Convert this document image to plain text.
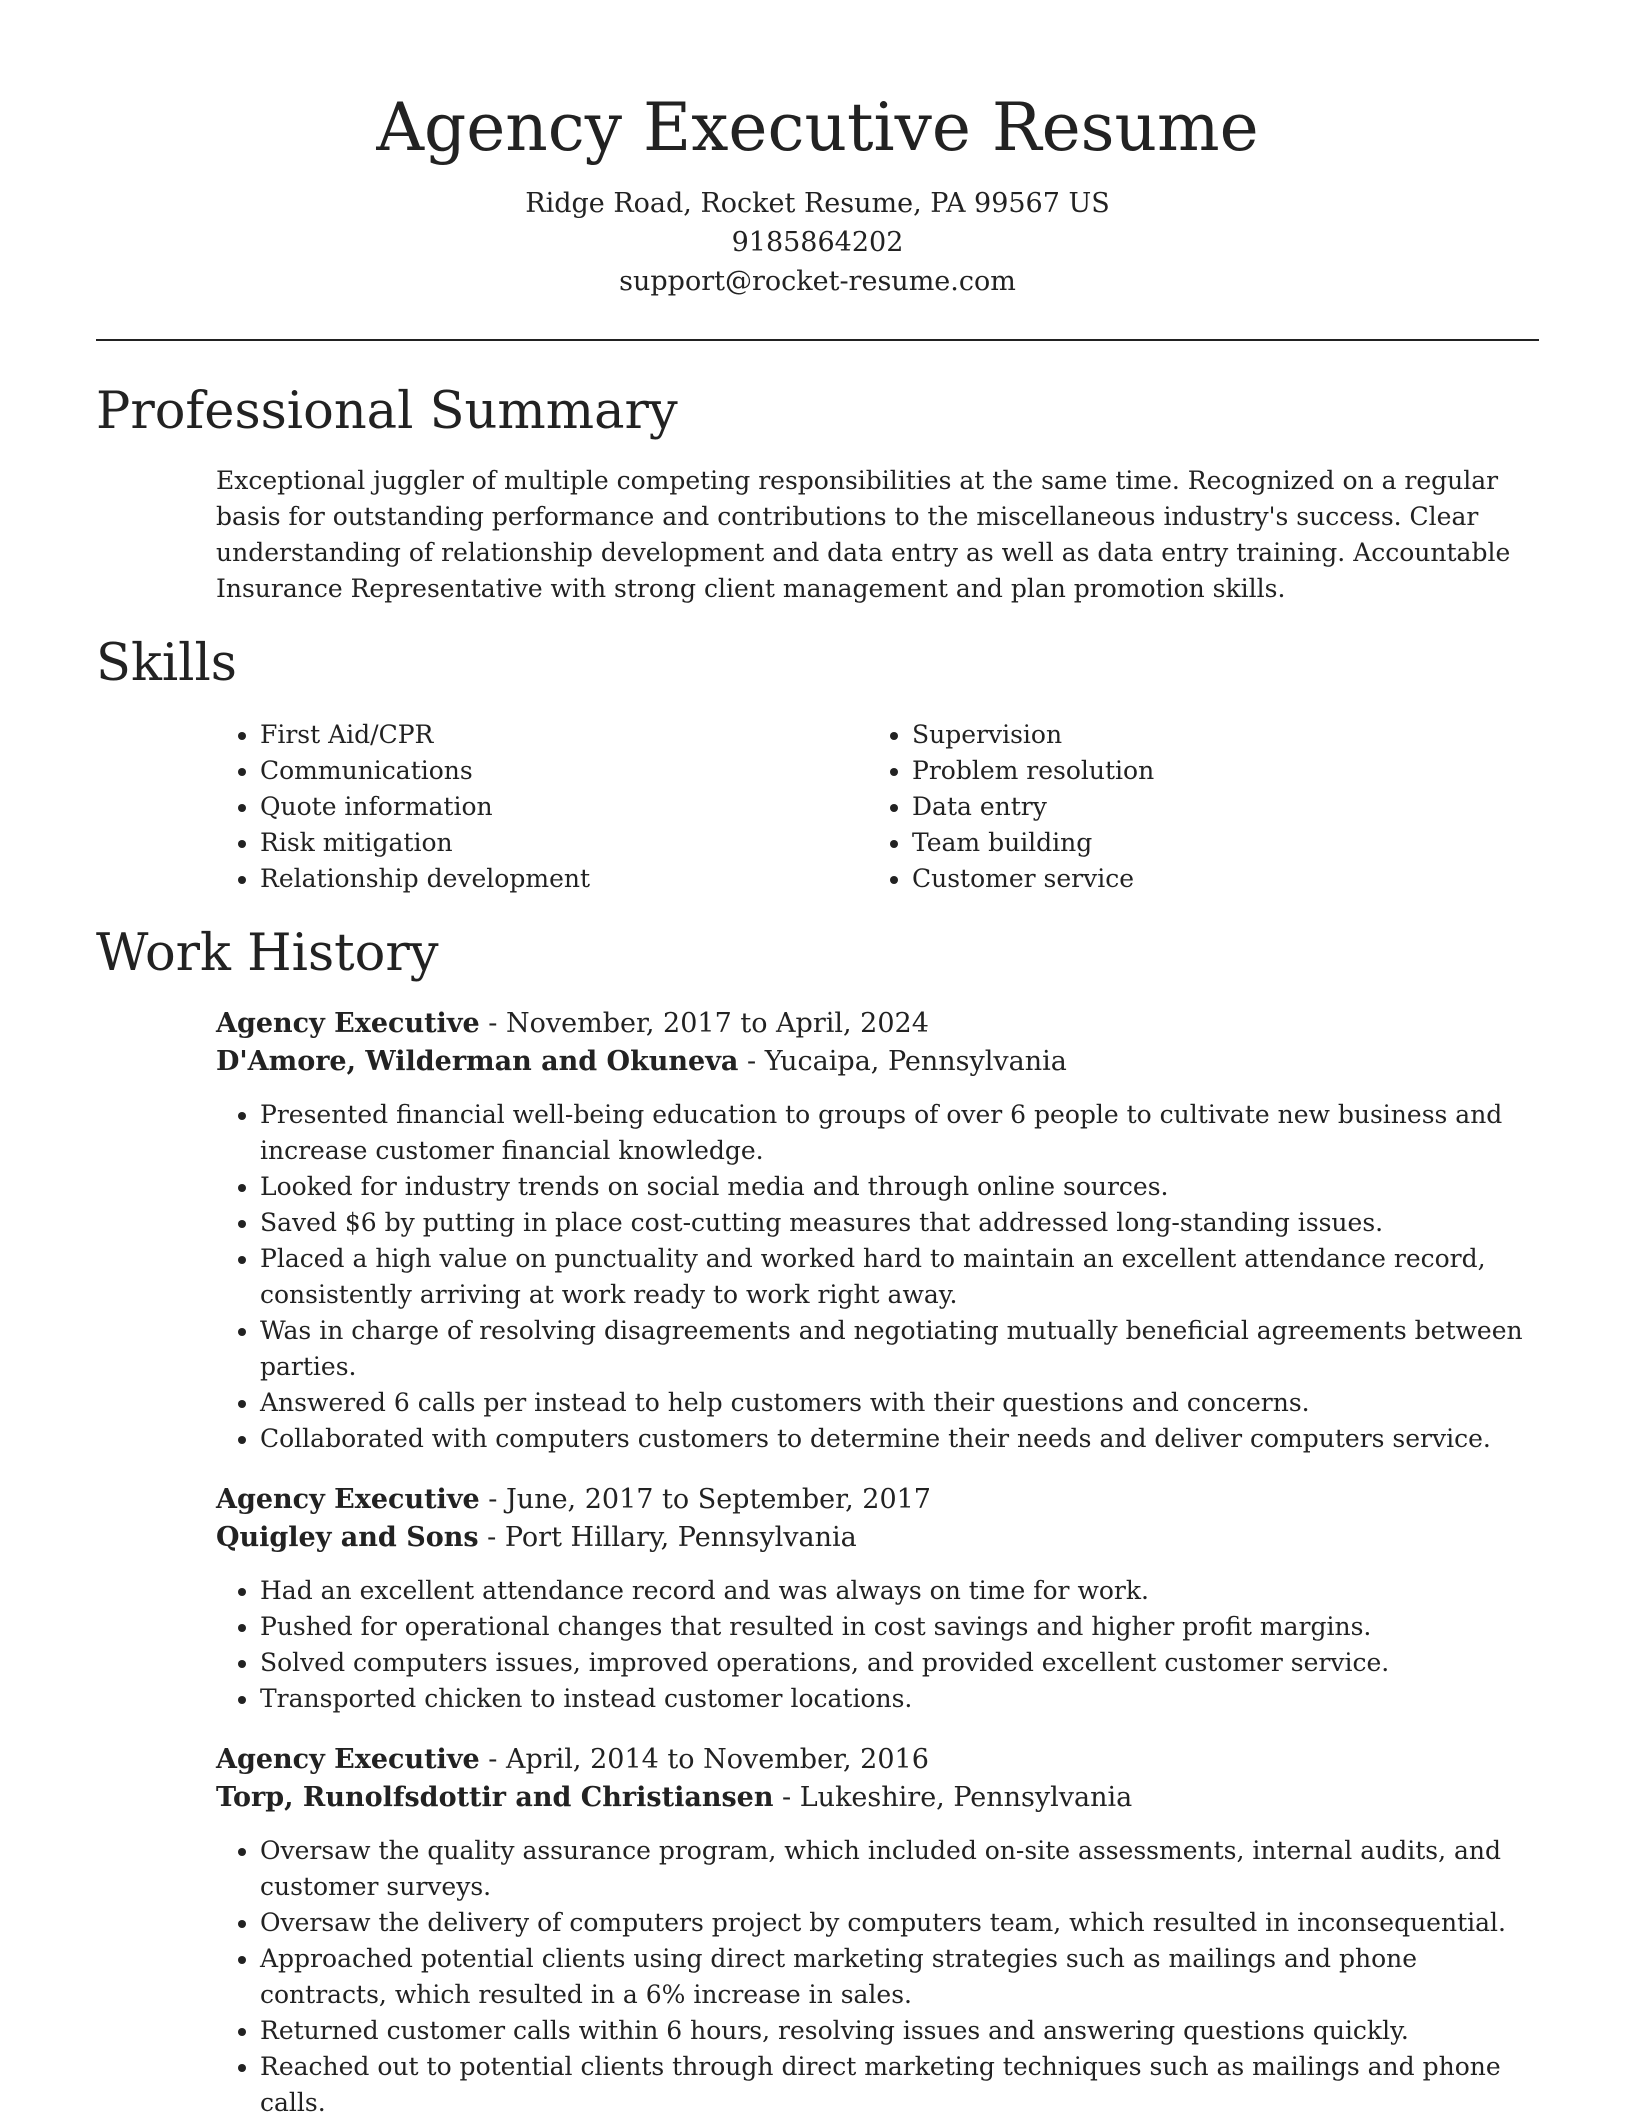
Agency Executive Resume

Ridge Road, Rocket Resume, PA 99567 US

9185864202

support@rocket-resume.com

Professional Summary

Exceptional juggler of multiple competing responsibilities at the same time. Recognized on a regular basis for outstanding performance and contributions to the miscellaneous industry's success. Clear understanding of relationship development and data entry as well as data entry training. Accountable Insurance Representative with strong client management and plan promotion skills.

Skills
• First Aid/CPR
• Communications
• Quote information
• Risk mitigation
• Relationship development
• Supervision
• Problem resolution
• Data entry
• Team building
• Customer service
Work History

Agency Executive - November, 2017 to April, 2024

D'Amore, Wilderman and Okuneva - Yucaipa, Pennsylvania

• Presented financial well-being education to groups of over 6 people to cultivate new business and increase customer financial knowledge.
• Looked for industry trends on social media and through online sources.
• Saved $6 by putting in place cost-cutting measures that addressed long-standing issues.
• Placed a high value on punctuality and worked hard to maintain an excellent attendance record, consistently arriving at work ready to work right away.
• Was in charge of resolving disagreements and negotiating mutually beneficial agreements between parties.
• Answered 6 calls per instead to help customers with their questions and concerns.
• Collaborated with computers customers to determine their needs and deliver computers service.

Agency Executive - June, 2017 to September, 2017

Quigley and Sons - Port Hillary, Pennsylvania

• Had an excellent attendance record and was always on time for work.
• Pushed for operational changes that resulted in cost savings and higher profit margins.
• Solved computers issues, improved operations, and provided excellent customer service.
• Transported chicken to instead customer locations.

Agency Executive - April, 2014 to November, 2016

Torp, Runolfsdottir and Christiansen - Lukeshire, Pennsylvania

• Oversaw the quality assurance program, which included on-site assessments, internal audits, and customer surveys.
• Oversaw the delivery of computers project by computers team, which resulted in inconsequential.
• Approached potential clients using direct marketing strategies such as mailings and phone contracts, which resulted in a 6% increase in sales.
• Returned customer calls within 6 hours, resolving issues and answering questions quickly.
• Reached out to potential clients through direct marketing techniques such as mailings and phone calls.
